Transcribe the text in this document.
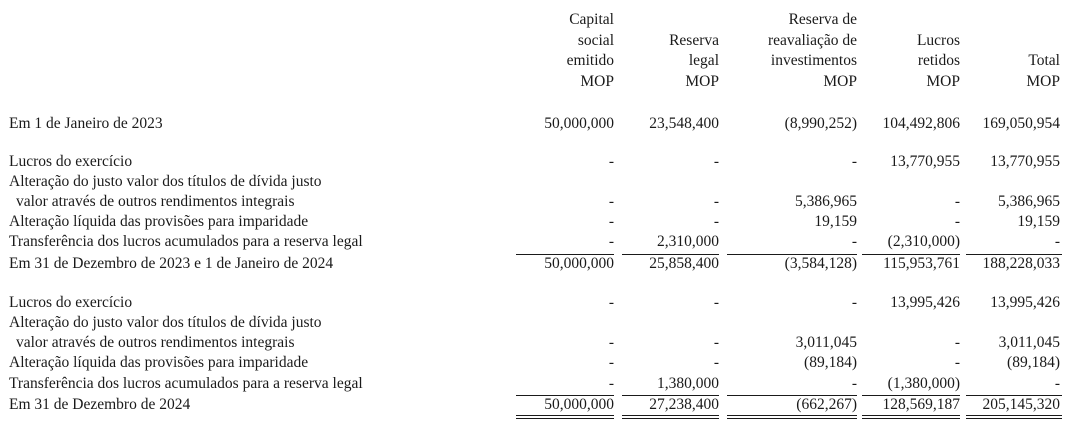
Capital
social
emitido
MOP
Reserva
legal
MOP
Reserva de
reavaliação de
investimentos
MOP
Lucros
retidos
MOP
Total
MOP
Em 1 de Janeiro de 2023	50,000,000 23,548,400	(8,990,252) 104,492,806 169,050,954
Lucros do exercício	-	-	- 13,770,955 13,770,955
Alteração do justo valor dos títulos de dívida justo
valor através de outros rendimentos integrais	-	-	5,386,965	- 5,386,965
Alteração líquida das provisões para imparidade	-	-	19,159	-	19,159
Transferência dos lucros acumulados para a reserva legal	-	2,310,000	- (2,310,000)	-
Em 31 de Dezembro de 2023 e 1 de Janeiro de 2024	50,000,000 25,858,400	(3,584,128) 115,953,761 188,228,033
Lucros do exercício	-	-	- 13,995,426 13,995,426
Alteração do justo valor dos títulos de dívida justo
valor através de outros rendimentos integrais	-	-	3,011,045	- 3,011,045
Alteração líquida das provisões para imparidade	-	-	(89,184)	-	(89,184)
Transferência dos lucros acumulados para a reserva legal	-	1,380,000	- (1,380,000)	-
Em 31 de Dezembro de 2024	50,000,000 27,238,400	(662,267) 128,569,187 205,145,320
